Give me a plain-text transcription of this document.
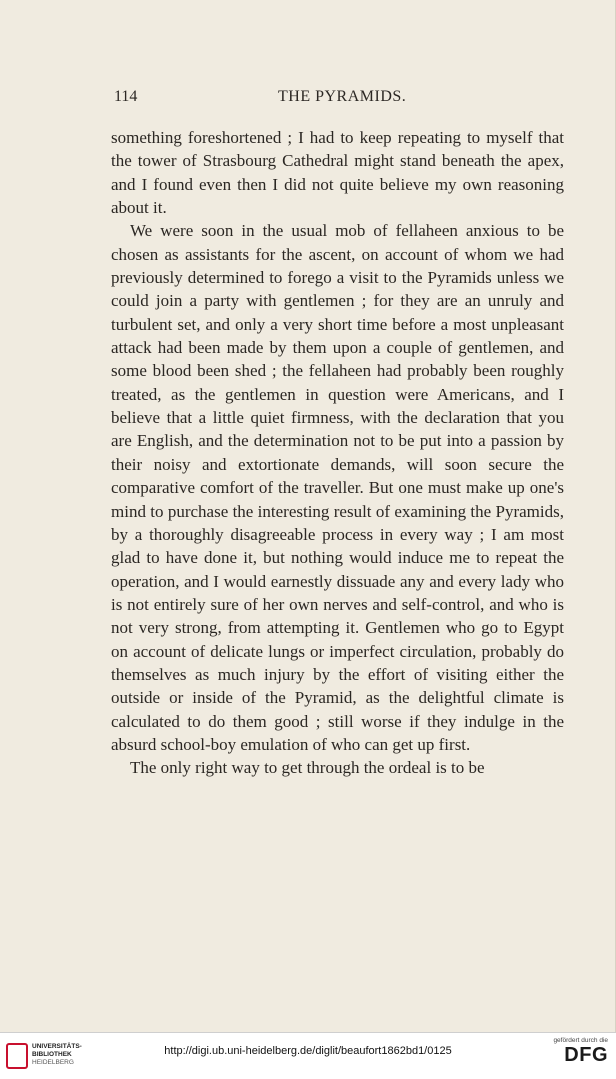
114	THE PYRAMIDS.

something foreshortened ; I had to keep repeating to myself that the tower of Strasbourg Cathedral might stand beneath the apex, and I found even then I did not quite believe my own reasoning about it.

We were soon in the usual mob of fellaheen anxious to be chosen as assistants for the ascent, on account of whom we had previously determined to forego a visit to the Pyramids unless we could join a party with gentlemen ; for they are an unruly and turbulent set, and only a very short time before a most unpleasant attack had been made by them upon a couple of gentlemen, and some blood been shed ; the fellaheen had probably been roughly treated, as the gentlemen in question were Americans, and I believe that a little quiet firmness, with the declaration that you are English, and the determination not to be put into a passion by their noisy and extortionate demands, will soon secure the comparative comfort of the traveller. But one must make up one's mind to purchase the interesting result of examining the Pyramids, by a thoroughly disagreeable process in every way ; I am most glad to have done it, but nothing would induce me to repeat the operation, and I would earnestly dissuade any and every lady who is not entirely sure of her own nerves and self-control, and who is not very strong, from attempting it. Gentlemen who go to Egypt on account of delicate lungs or imperfect circulation, probably do themselves as much injury by the effort of visiting either the outside or inside of the Pyramid, as the delightful climate is calculated to do them good ; still worse if they indulge in the absurd school-boy emulation of who can get up first.

The only right way to get through the ordeal is to be

UNIVERSITÄTS-
BIBLIOTHEK
HEIDELBERG
http://digi.ub.uni-heidelberg.de/diglit/beaufort1862bd1/0125
gefördert durch die
DFG
